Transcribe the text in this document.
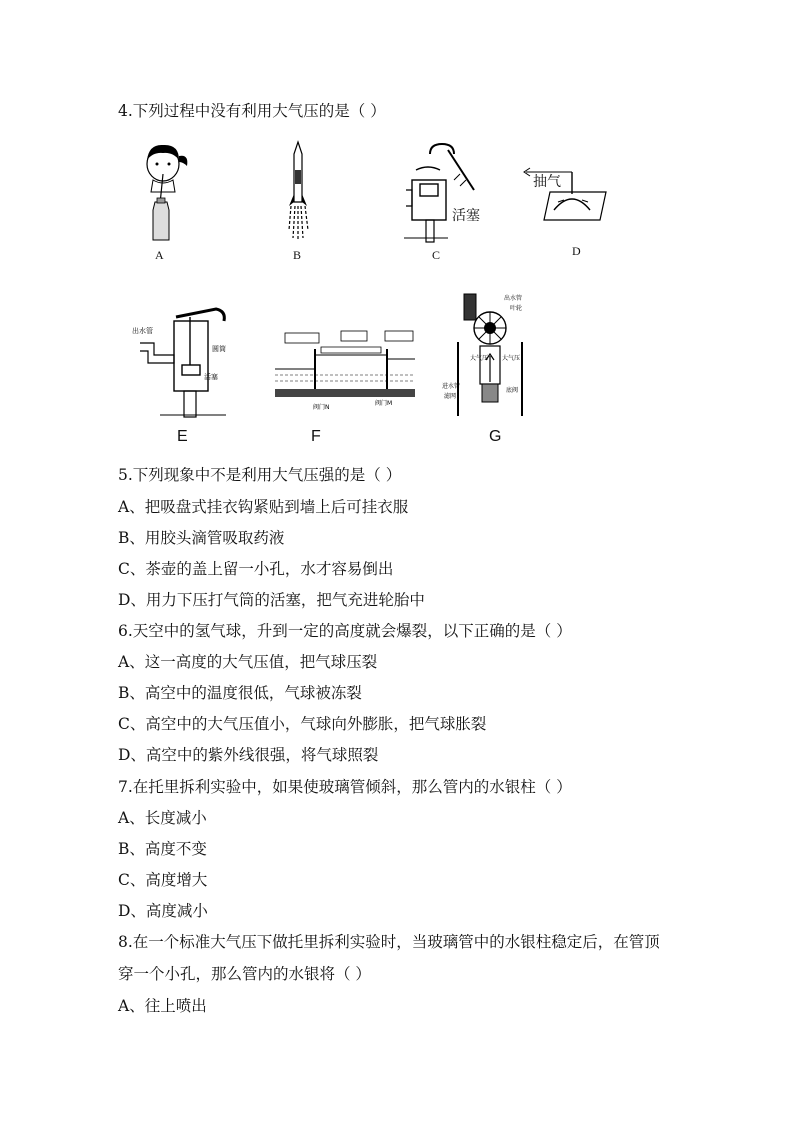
4.下列过程中没有利用大气压的是（ ）
A	B
活塞
C
抽气
D
出水管
圆筒
活塞
E
阀门N
阀门M
F
大气压 大气压
出水管
叶轮
进水管
底阀
滤网
G
5.下列现象中不是利用大气压强的是（ ）
A、把吸盘式挂衣钩紧贴到墙上后可挂衣服
B、用胶头滴管吸取药液
C、茶壶的盖上留一小孔，水才容易倒出
D、用力下压打气筒的活塞，把气充进轮胎中
6.天空中的氢气球，升到一定的高度就会爆裂，以下正确的是（ ）
A、这一高度的大气压值，把气球压裂
B、高空中的温度很低，气球被冻裂
C、高空中的大气压值小，气球向外膨胀，把气球胀裂
D、高空中的紫外线很强，将气球照裂
7.在托里拆利实验中，如果使玻璃管倾斜，那么管内的水银柱（ ）
A、长度减小
B、高度不变
C、高度增大
D、高度减小
8.在一个标准大气压下做托里拆利实验时，当玻璃管中的水银柱稳定后，在管顶
穿一个小孔，那么管内的水银将（ ）
A、往上喷出
